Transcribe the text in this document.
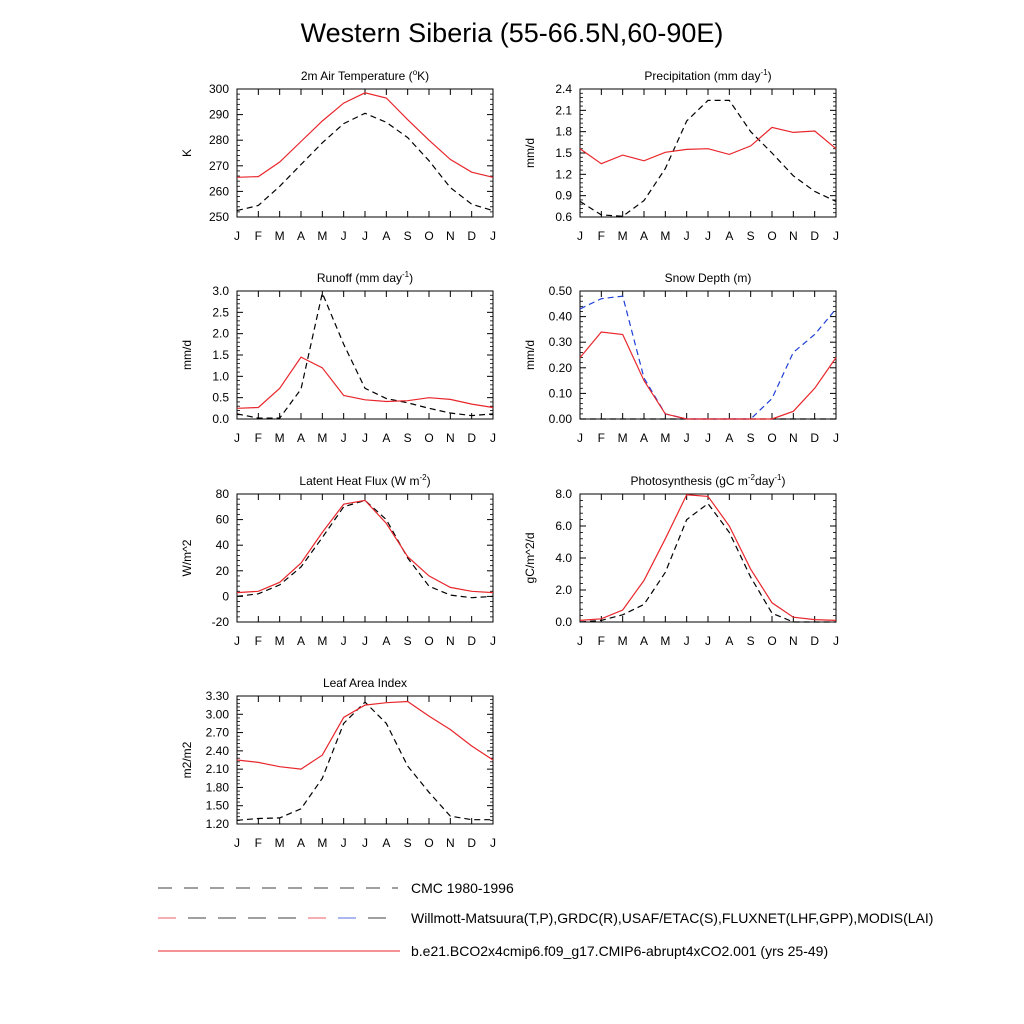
Western Siberia (55-66.5N,60-90E)
2m Air Temperature ($^o$K)
K
250
260
270
280
290
300
J F M A M J J A S O N D J
Precipitation (mm day$^{-1}$)
mm/d
0.6
0.9
1.2
1.5
1.8
2.1
2.4
J F M A M J J A S O N D J
Runoff (mm day$^{-1}$)
mm/d
0.0
0.5
1.0
1.5
2.0
2.5
3.0
J F M A M J J A S O N D J
Snow Depth (m)
mm/d
0.00
0.10
0.20
0.30
0.40
0.50
J F M A M J J A S O N D J
Latent Heat Flux (W $m^{-2}$)
W/m^2
-20
0
20
40
60
80
J F M A M J J A S O N D J
Photosynthesis (gC $m^{-2}day^{-1}$)
gC/m^2/d
0.0
2.0
4.0
6.0
8.0
J F M A M J J A S O N D J
Leaf Area Index
m2/m2
1.20
1.50
1.80
2.10
2.40
2.70
3.00
3.30
J F M A M J J A S O N D J
CMC 1980-1996
Willmott-Matsuura(T,P),GRDC(R),USAF/ETAC(S),FLUXNET(LHF,GPP),MODIS(LAI)
b.e21.BCO2x4cmip6.f09_g17.CMIP6-abrupt4xCO2.001 (yrs 25-49)
